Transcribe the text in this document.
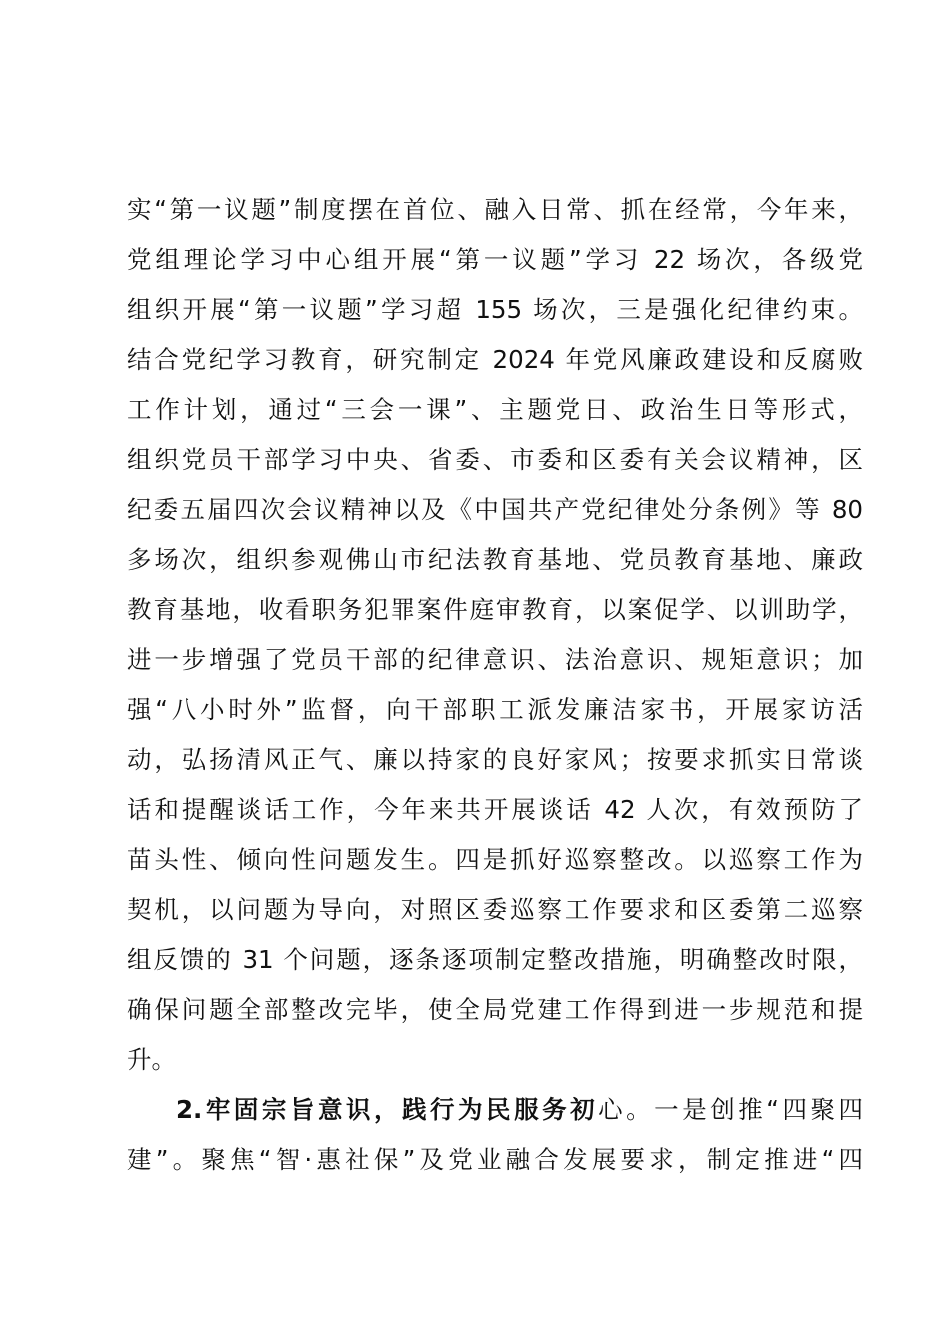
实“第一议题”制度摆在首位、融入日常、抓在经常，今年来，
党组理论学习中心组开展“第一议题”学习 22 场次，各级党
组织开展“第一议题”学习超 155 场次，三是强化纪律约束。
结合党纪学习教育，研究制定 2024 年党风廉政建设和反腐败
工作计划，通过“三会一课”、主题党日、政治生日等形式，
组织党员干部学习中央、省委、市委和区委有关会议精神，区
纪委五届四次会议精神以及《中国共产党纪律处分条例》等 80
多场次，组织参观佛山市纪法教育基地、党员教育基地、廉政
教育基地，收看职务犯罪案件庭审教育，以案促学、以训助学，
进一步增强了党员干部的纪律意识、法治意识、规矩意识；加
强“八小时外”监督，向干部职工派发廉洁家书，开展家访活
动，弘扬清风正气、廉以持家的良好家风；按要求抓实日常谈
话和提醒谈话工作，今年来共开展谈话 42 人次，有效预防了
苗头性、倾向性问题发生。四是抓好巡察整改。以巡察工作为
契机，以问题为导向，对照区委巡察工作要求和区委第二巡察
组反馈的 31 个问题，逐条逐项制定整改措施，明确整改时限，
确保问题全部整改完毕，使全局党建工作得到进一步规范和提
升。
2.牢固宗旨意识，践行为民服务初心。一是创推“四聚四
建”。聚焦“智·惠社保”及党业融合发展要求，制定推进“四
